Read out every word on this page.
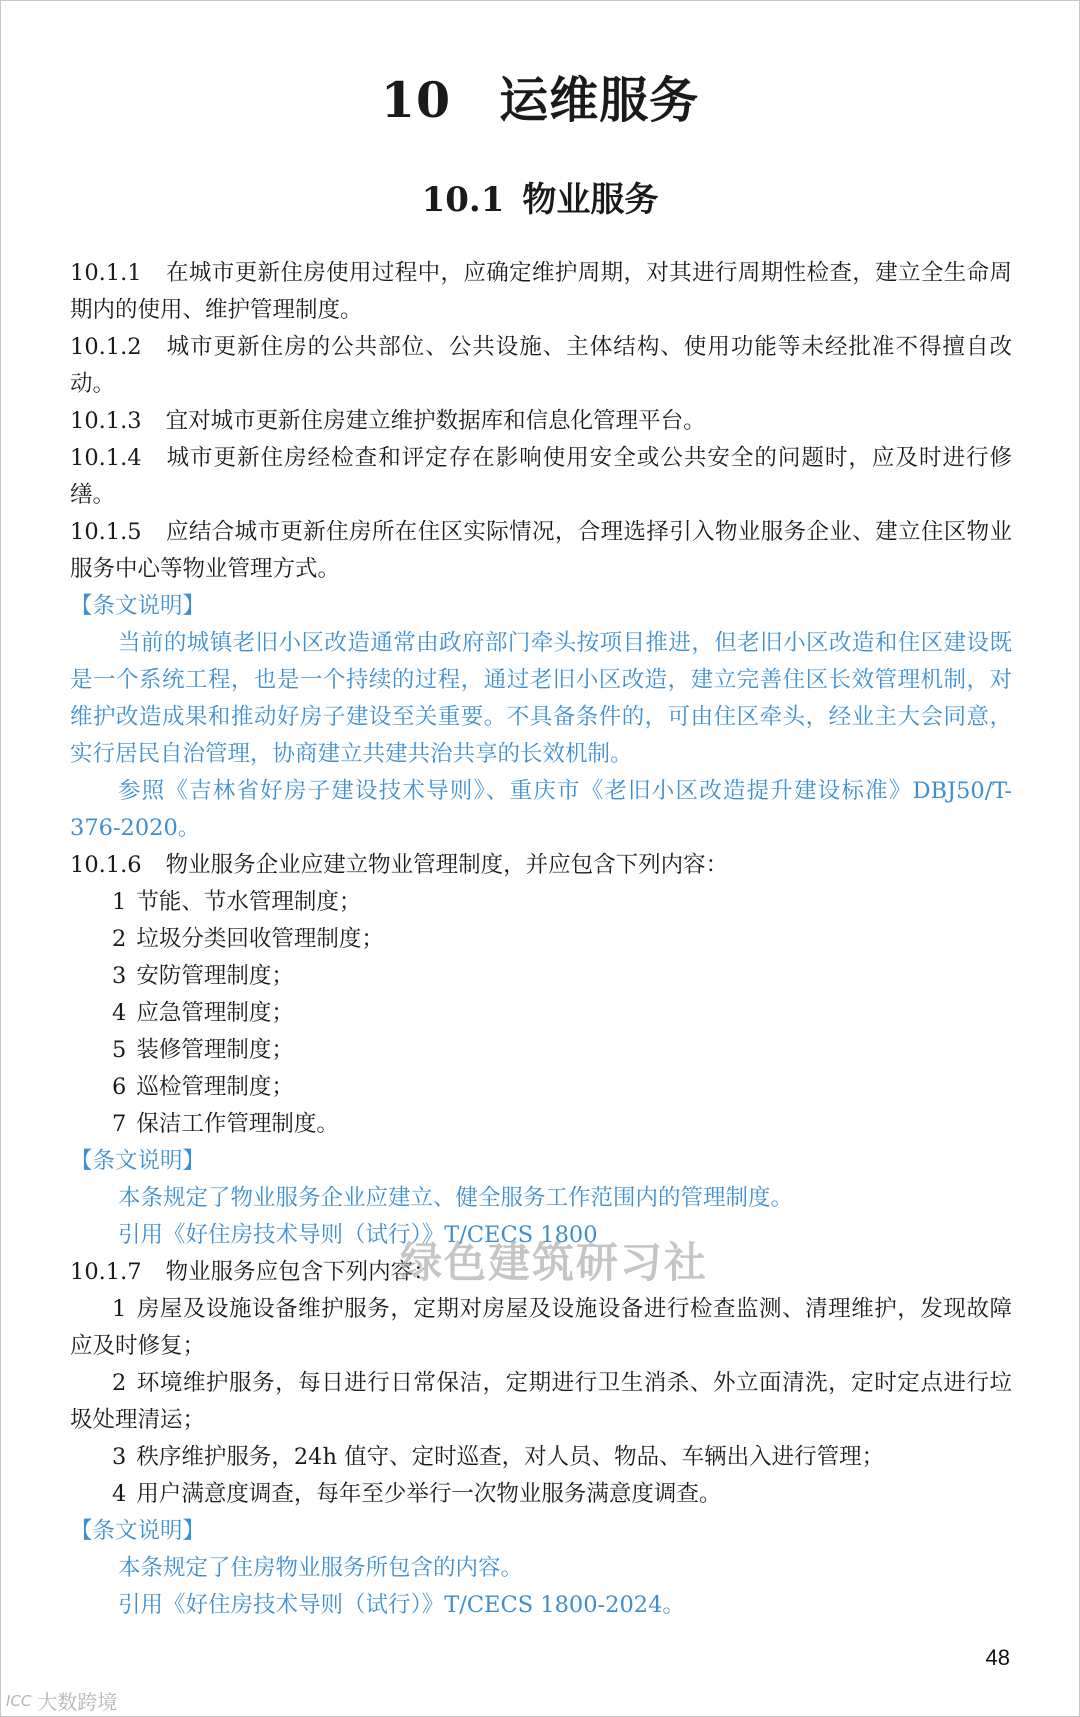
10 运维服务
10.1 物业服务

10.1.1 在城市更新住房使用过程中，应确定维护周期，对其进行周期性检查，建立全生命周期内的使用、维护管理制度。

10.1.2 城市更新住房的公共部位、公共设施、主体结构、使用功能等未经批准不得擅自改动。

10.1.3 宜对城市更新住房建立维护数据库和信息化管理平台。

10.1.4 城市更新住房经检查和评定存在影响使用安全或公共安全的问题时，应及时进行修缮。

10.1.5 应结合城市更新住房所在住区实际情况，合理选择引入物业服务企业、建立住区物业服务中心等物业管理方式。

【条文说明】

当前的城镇老旧小区改造通常由政府部门牵头按项目推进，但老旧小区改造和住区建设既是一个系统工程，也是一个持续的过程，通过老旧小区改造，建立完善住区长效管理机制，对维护改造成果和推动好房子建设至关重要。不具备条件的，可由住区牵头，经业主大会同意，实行居民自治管理，协商建立共建共治共享的长效机制。

参照《吉林省好房子建设技术导则》、重庆市《老旧小区改造提升建设标准》DBJ50/T-376-2020。

10.1.6 物业服务企业应建立物业管理制度，并应包含下列内容：

1 节能、节水管理制度；

2 垃圾分类回收管理制度；

3 安防管理制度；

4 应急管理制度；

5 装修管理制度；

6 巡检管理制度；

7 保洁工作管理制度。

【条文说明】

本条规定了物业服务企业应建立、健全服务工作范围内的管理制度。

引用《好住房技术导则（试行）》T/CECS 1800

10.1.7 物业服务应包含下列内容：

1 房屋及设施设备维护服务，定期对房屋及设施设备进行检查监测、清理维护，发现故障应及时修复；

2 环境维护服务，每日进行日常保洁，定期进行卫生消杀、外立面清洗，定时定点进行垃圾处理清运；

3 秩序维护服务，24h 值守、定时巡查，对人员、物品、车辆出入进行管理；

4 用户满意度调查，每年至少举行一次物业服务满意度调查。

【条文说明】

本条规定了住房物业服务所包含的内容。

引用《好住房技术导则（试行）》T/CECS 1800-2024。

绿色建筑研习社
48
ICC 大数跨境
